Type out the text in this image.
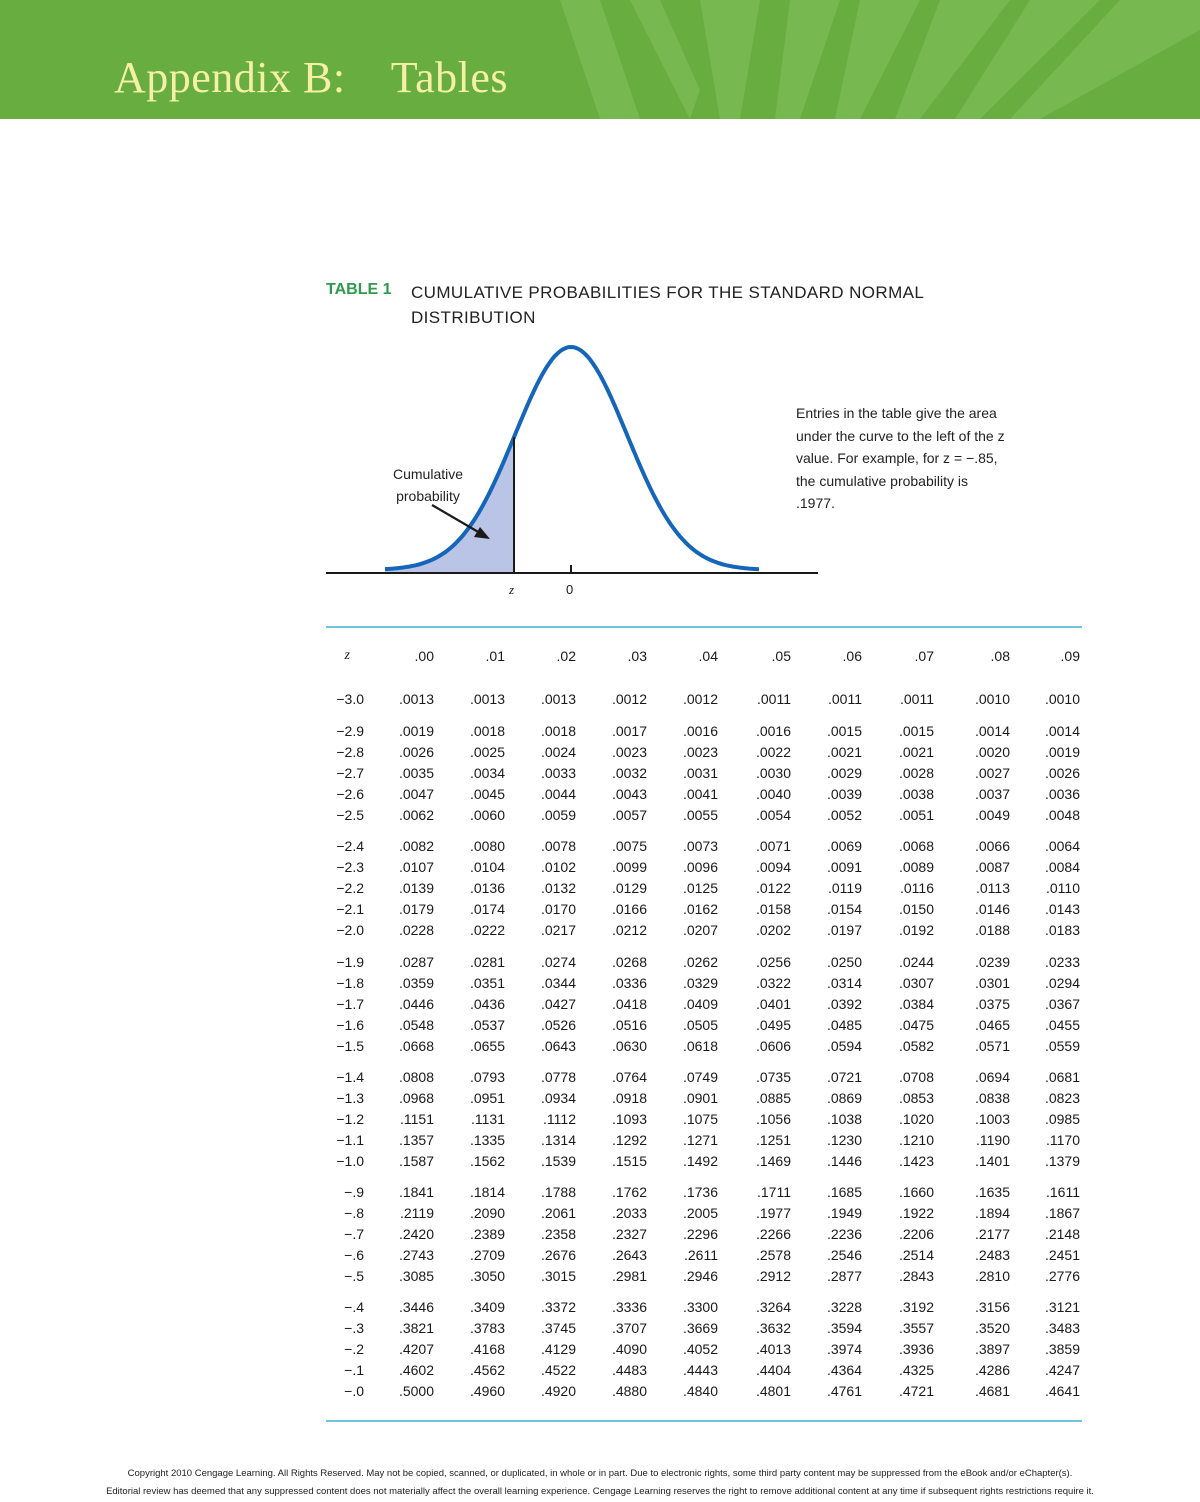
Appendix B:    Tables
TABLE 1 CUMULATIVE PROBABILITIES FOR THE STANDARD NORMAL DISTRIBUTION
Cumulative probability
Entries in the table give the area under the curve to the left of the z value. For example, for z = −.85, the cumulative probability is .1977.
z	0
z	.00	.01	.02	.03	.04	.05	.06	.07	.08	.09
−3.0	.0013	.0013	.0013	.0012	.0012	.0011	.0011	.0011	.0010	.0010
−2.9	.0019	.0018	.0018	.0017	.0016	.0016	.0015	.0015	.0014	.0014
−2.8	.0026	.0025	.0024	.0023	.0023	.0022	.0021	.0021	.0020	.0019
−2.7	.0035	.0034	.0033	.0032	.0031	.0030	.0029	.0028	.0027	.0026
−2.6	.0047	.0045	.0044	.0043	.0041	.0040	.0039	.0038	.0037	.0036
−2.5	.0062	.0060	.0059	.0057	.0055	.0054	.0052	.0051	.0049	.0048
−2.4	.0082	.0080	.0078	.0075	.0073	.0071	.0069	.0068	.0066	.0064
−2.3	.0107	.0104	.0102	.0099	.0096	.0094	.0091	.0089	.0087	.0084
−2.2	.0139	.0136	.0132	.0129	.0125	.0122	.0119	.0116	.0113	.0110
−2.1	.0179	.0174	.0170	.0166	.0162	.0158	.0154	.0150	.0146	.0143
−2.0	.0228	.0222	.0217	.0212	.0207	.0202	.0197	.0192	.0188	.0183
−1.9	.0287	.0281	.0274	.0268	.0262	.0256	.0250	.0244	.0239	.0233
−1.8	.0359	.0351	.0344	.0336	.0329	.0322	.0314	.0307	.0301	.0294
−1.7	.0446	.0436	.0427	.0418	.0409	.0401	.0392	.0384	.0375	.0367
−1.6	.0548	.0537	.0526	.0516	.0505	.0495	.0485	.0475	.0465	.0455
−1.5	.0668	.0655	.0643	.0630	.0618	.0606	.0594	.0582	.0571	.0559
−1.4	.0808	.0793	.0778	.0764	.0749	.0735	.0721	.0708	.0694	.0681
−1.3	.0968	.0951	.0934	.0918	.0901	.0885	.0869	.0853	.0838	.0823
−1.2	.1151	.1131	.1112	.1093	.1075	.1056	.1038	.1020	.1003	.0985
−1.1	.1357	.1335	.1314	.1292	.1271	.1251	.1230	.1210	.1190	.1170
−1.0	.1587	.1562	.1539	.1515	.1492	.1469	.1446	.1423	.1401	.1379
−.9	.1841	.1814	.1788	.1762	.1736	.1711	.1685	.1660	.1635	.1611
−.8	.2119	.2090	.2061	.2033	.2005	.1977	.1949	.1922	.1894	.1867
−.7	.2420	.2389	.2358	.2327	.2296	.2266	.2236	.2206	.2177	.2148
−.6	.2743	.2709	.2676	.2643	.2611	.2578	.2546	.2514	.2483	.2451
−.5	.3085	.3050	.3015	.2981	.2946	.2912	.2877	.2843	.2810	.2776
−.4	.3446	.3409	.3372	.3336	.3300	.3264	.3228	.3192	.3156	.3121
−.3	.3821	.3783	.3745	.3707	.3669	.3632	.3594	.3557	.3520	.3483
−.2	.4207	.4168	.4129	.4090	.4052	.4013	.3974	.3936	.3897	.3859
−.1	.4602	.4562	.4522	.4483	.4443	.4404	.4364	.4325	.4286	.4247
−.0	.5000	.4960	.4920	.4880	.4840	.4801	.4761	.4721	.4681	.4641
Copyright 2010 Cengage Learning. All Rights Reserved. May not be copied, scanned, or duplicated, in whole or in part. Due to electronic rights, some third party content may be suppressed from the eBook and/or eChapter(s).
Editorial review has deemed that any suppressed content does not materially affect the overall learning experience. Cengage Learning reserves the right to remove additional content at any time if subsequent rights restrictions require it.
